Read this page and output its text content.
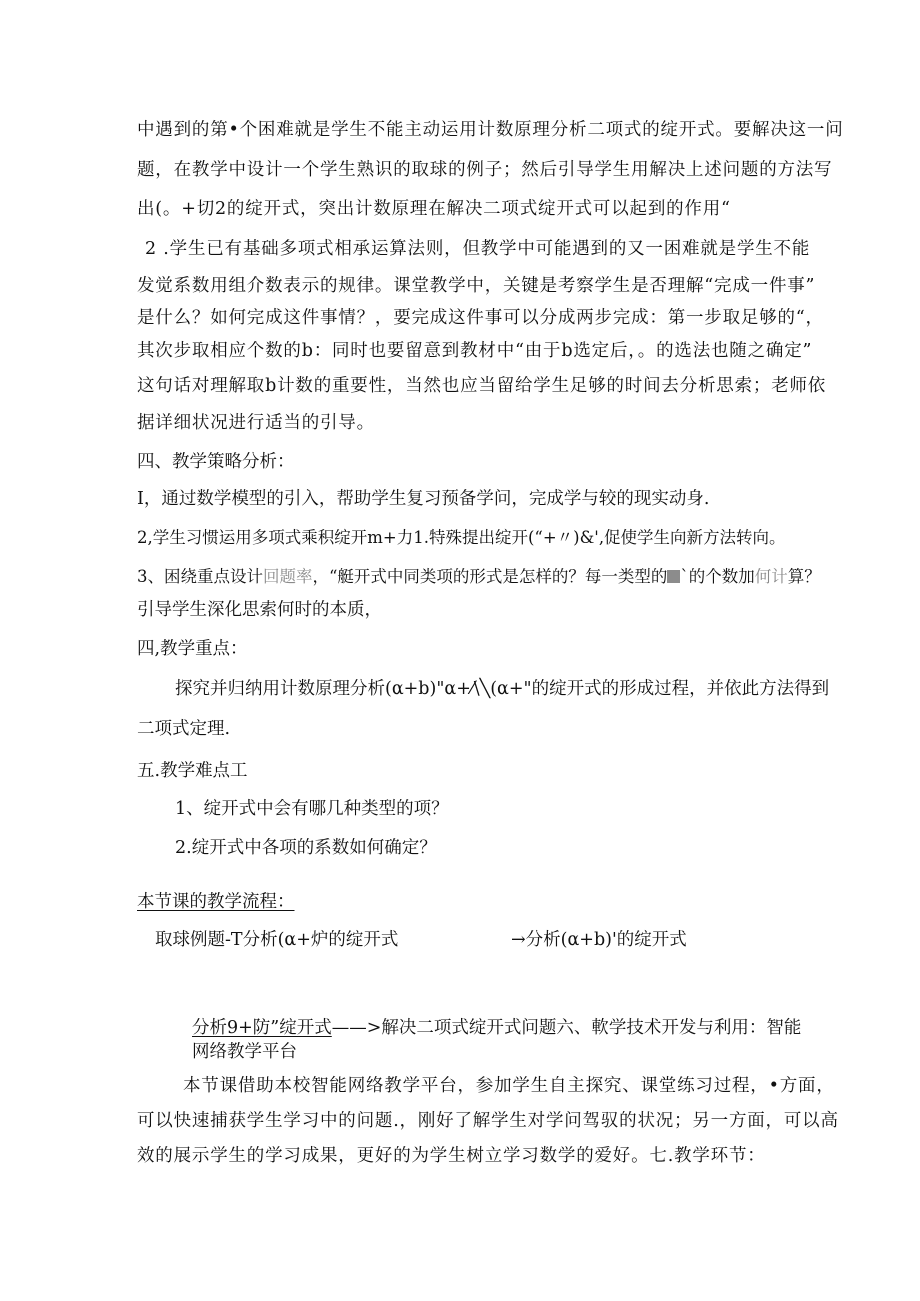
中遇到的第•个困难就是学生不能主动运用计数原理分析二项式的绽开式。要解决这一问
题，在教学中设计一个学生熟识的取球的例子；然后引导学生用解决上述问题的方法写
出(。+切2的绽开式，突出计数原理在解决二项式绽开式可以起到的作用“
2 .学生已有基础多项式相承运算法则，但教学中可能遇到的又一困难就是学生不能
发觉系数用组介数表示的规律。课堂教学中，关键是考察学生是否理解“完成一件事”
是什么？如何完成这件事情？，要完成这件事可以分成两步完成：第一步取足够的“，
其次步取相应个数的b：同时也要留意到教材中“由于b选定后，。的选法也随之确定”
这句话对理解取b计数的重要性，当然也应当留给学生足够的时间去分析思索；老师依
据详细状况进行适当的引导。
四、教学策略分析：
I，通过数学模型的引入，帮助学生复习预备学问，完成学与较的现实动身.
2,学生习惯运用多项式乘积绽开m+力1.特殊提出绽开(“+〃)&',促使学生向新方法转向。
3、困绕重点设计回题率，“艇开式中同类项的形式是怎样的？每一类型的 `的个数加何计算？
引导学生深化思索何时的本质，
四,教学重点：
探究并归纳用计数原理分析(α+b)"α+⁄\╲(α+"的绽开式的形成过程，并依此方法得到
二项式定理.
五.教学难点工
1、绽开式中会有哪几种类型的项？
2.绽开式中各项的系数如何确定？
本节课的教学流程：
取球例题-T分析(α+炉的绽开式	→分析(α+b)'的绽开式
分析9+防”绽开式——>解决二项式绽开式问题六、軟学技术开发与利用：智能
网络教学平台
本节课借助本校智能网络教学平台，参加学生自主探究、课堂练习过程，•方面，
可以快速捕获学生学习中的问题.，刚好了解学生对学问驾驭的状况；另一方面，可以高
效的展示学生的学习成果，更好的为学生树立学习数学的爱好。七.教学环节：
